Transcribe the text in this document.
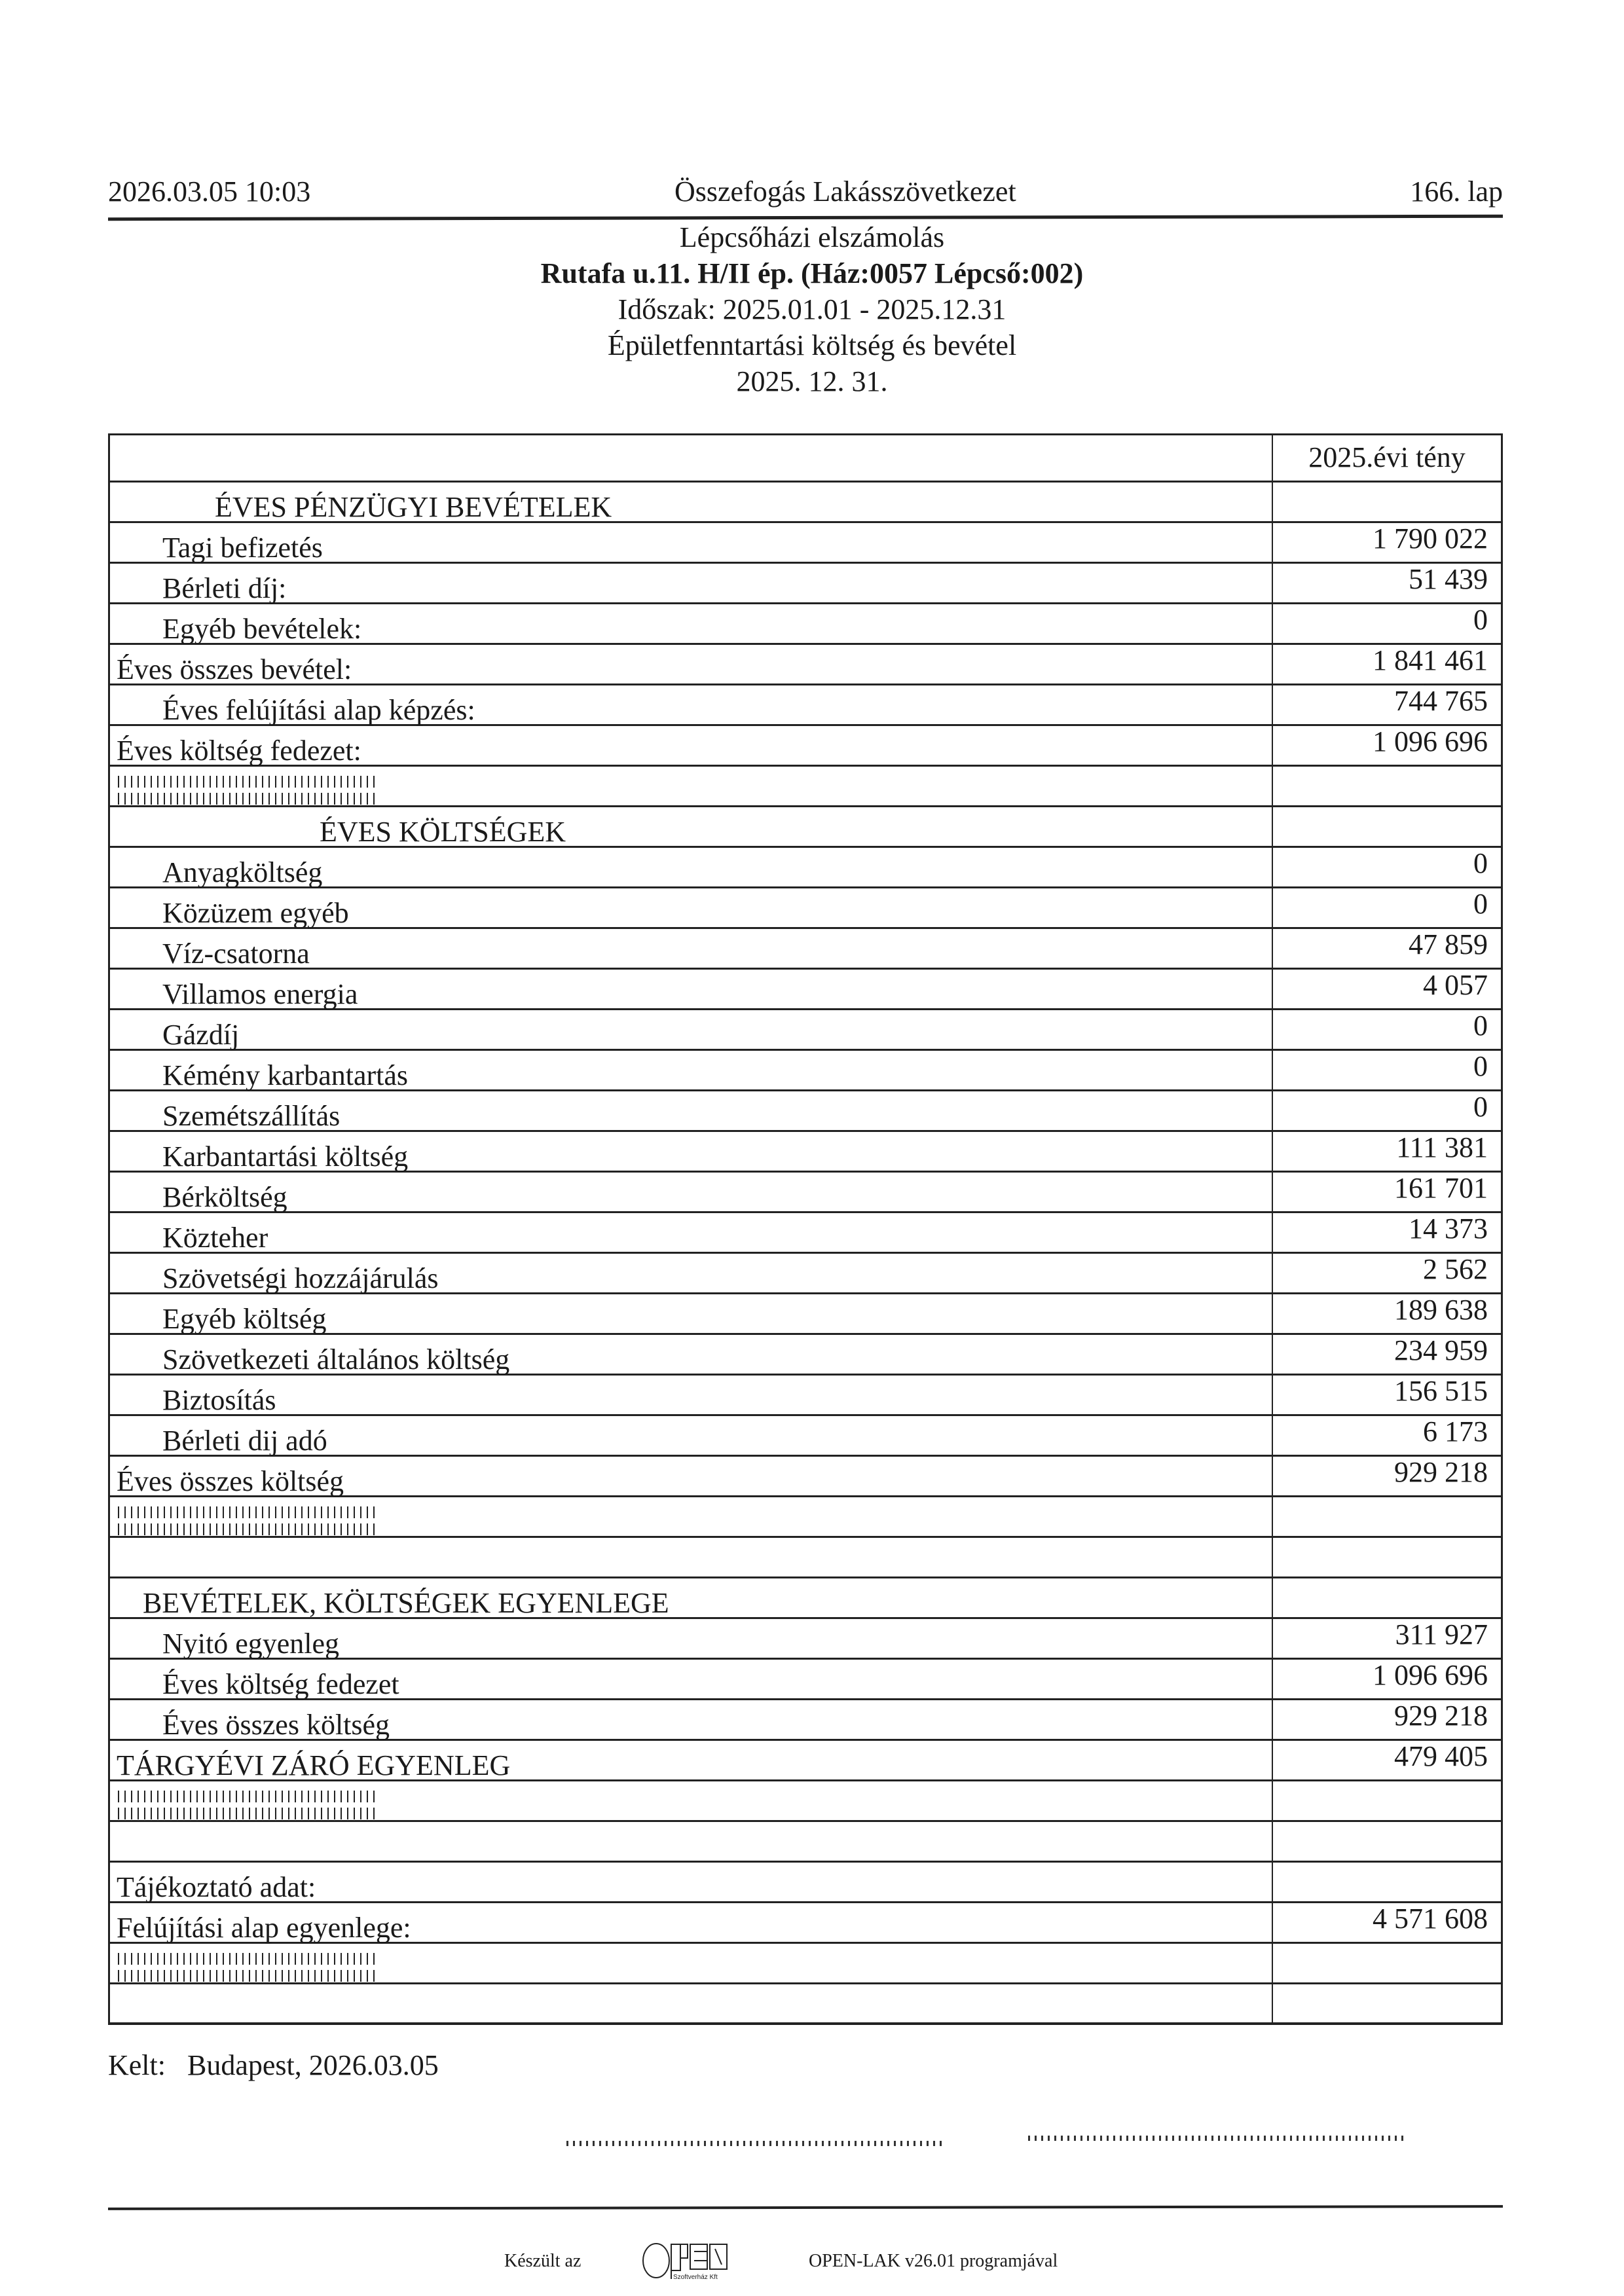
2026.03.05 10:03	Összefogás Lakásszövetkezet	166. lap
Lépcsőházi elszámolás
Rutafa u.11. H/II ép. (Ház:0057 Lépcső:002)
Időszak: 2025.01.01 - 2025.12.31
Épületfenntartási költség és bevétel
2025. 12. 31.
2025.évi tény
ÉVES PÉNZÜGYI BEVÉTELEK
Tagi befizetés	1 790 022
Bérleti díj:	51 439
Egyéb bevételek:	0
Éves összes bevétel:	1 841 461
Éves felújítási alap képzés:	744 765
Éves költség fedezet:	1 096 696
ÉVES KÖLTSÉGEK
Anyagköltség	0
Közüzem egyéb	0
Víz-csatorna	47 859
Villamos energia	4 057
Gázdíj	0
Kémény karbantartás	0
Szemétszállítás	0
Karbantartási költség	111 381
Bérköltség	161 701
Közteher	14 373
Szövetségi hozzájárulás	2 562
Egyéb költség	189 638
Szövetkezeti általános költség	234 959
Biztosítás	156 515
Bérleti dij adó	6 173
Éves összes költség	929 218
BEVÉTELEK, KÖLTSÉGEK EGYENLEGE
Nyitó egyenleg	311 927
Éves költség fedezet	1 096 696
Éves összes költség	929 218
TÁRGYÉVI ZÁRÓ EGYENLEG	479 405
Tájékoztató adat:
Felújítási alap egyenlege:	4 571 608
Kelt: Budapest, 2026.03.05
Készült az
Szoftverház Kft
OPEN-LAK v26.01 programjával
